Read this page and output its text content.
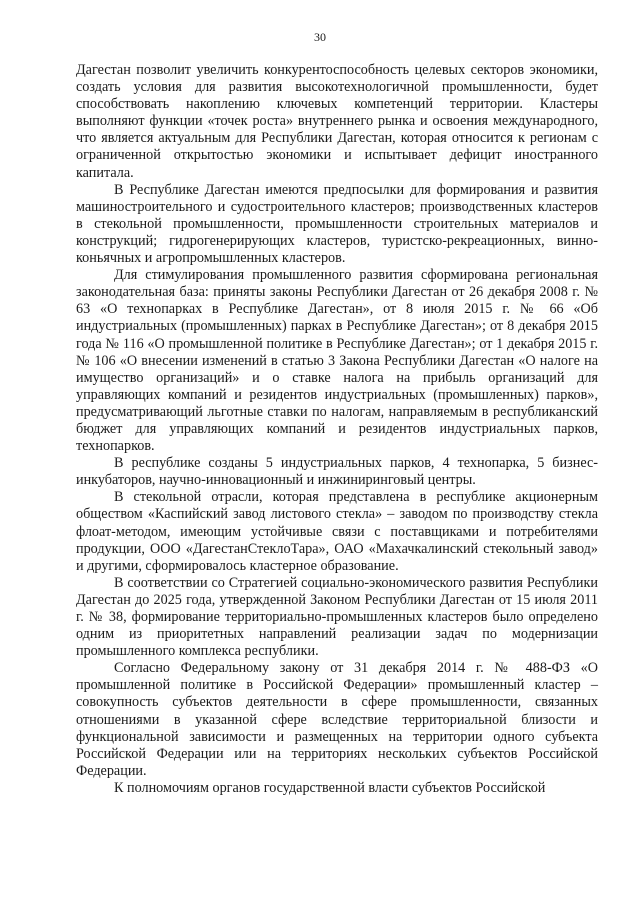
30

Дагестан позволит увеличить конкурентоспособность целевых секторов экономики, создать условия для развития высокотехнологичной промышленности, будет способствовать накоплению ключевых компетенций территории. Кластеры выполняют функции «точек роста» внутреннего рынка и освоения международного, что является актуальным для Республики Дагестан, которая относится к регионам с ограниченной открытостью экономики и испытывает дефицит иностранного капитала.

В Республике Дагестан имеются предпосылки для формирования и развития машиностроительного и судостроительного кластеров; производственных кластеров в стекольной промышленности, промышленности строительных материалов и конструкций; гидрогенерирующих кластеров, туристско-рекреационных, винно-коньячных и агропромышленных кластеров.

Для стимулирования промышленного развития сформирована региональная законодательная база: приняты законы Республики Дагестан от 26 декабря 2008 г. № 63 «О технопарках в Республике Дагестан», от 8 июля 2015 г. № 66 «Об индустриальных (промышленных) парках в Республике Дагестан»; от 8 декабря 2015 года № 116 «О промышленной политике в Республике Дагестан»; от 1 декабря 2015 г. № 106 «О внесении изменений в статью 3 Закона Республики Дагестан «О налоге на имущество организаций» и о ставке налога на прибыль организаций для управляющих компаний и резидентов индустриальных (промышленных) парков», предусматривающий льготные ставки по налогам, направляемым в республиканский бюджет для управляющих компаний и резидентов индустриальных парков, технопарков.

В республике созданы 5 индустриальных парков, 4 технопарка, 5 бизнес-инкубаторов, научно-инновационный и инжиниринговый центры.

В стекольной отрасли, которая представлена в республике акционерным обществом «Каспийский завод листового стекла» – заводом по производству стекла флоат-методом, имеющим устойчивые связи с поставщиками и потребителями продукции, ООО «ДагестанСтеклоТара», ОАО «Махачкалинский стекольный завод» и другими, сформировалось кластерное образование.

В соответствии со Стратегией социально-экономического развития Республики Дагестан до 2025 года, утвержденной Законом Республики Дагестан от 15 июля 2011 г. № 38, формирование территориально-промышленных кластеров было определено одним из приоритетных направлений реализации задач по модернизации промышленного комплекса республики.

Согласно Федеральному закону от 31 декабря 2014 г. № 488-ФЗ «О промышленной политике в Российской Федерации» промышленный кластер – совокупность субъектов деятельности в сфере промышленности, связанных отношениями в указанной сфере вследствие территориальной близости и функциональной зависимости и размещенных на территории одного субъекта Российской Федерации или на территориях нескольких субъектов Российской Федерации.

К полномочиям органов государственной власти субъектов Российской
